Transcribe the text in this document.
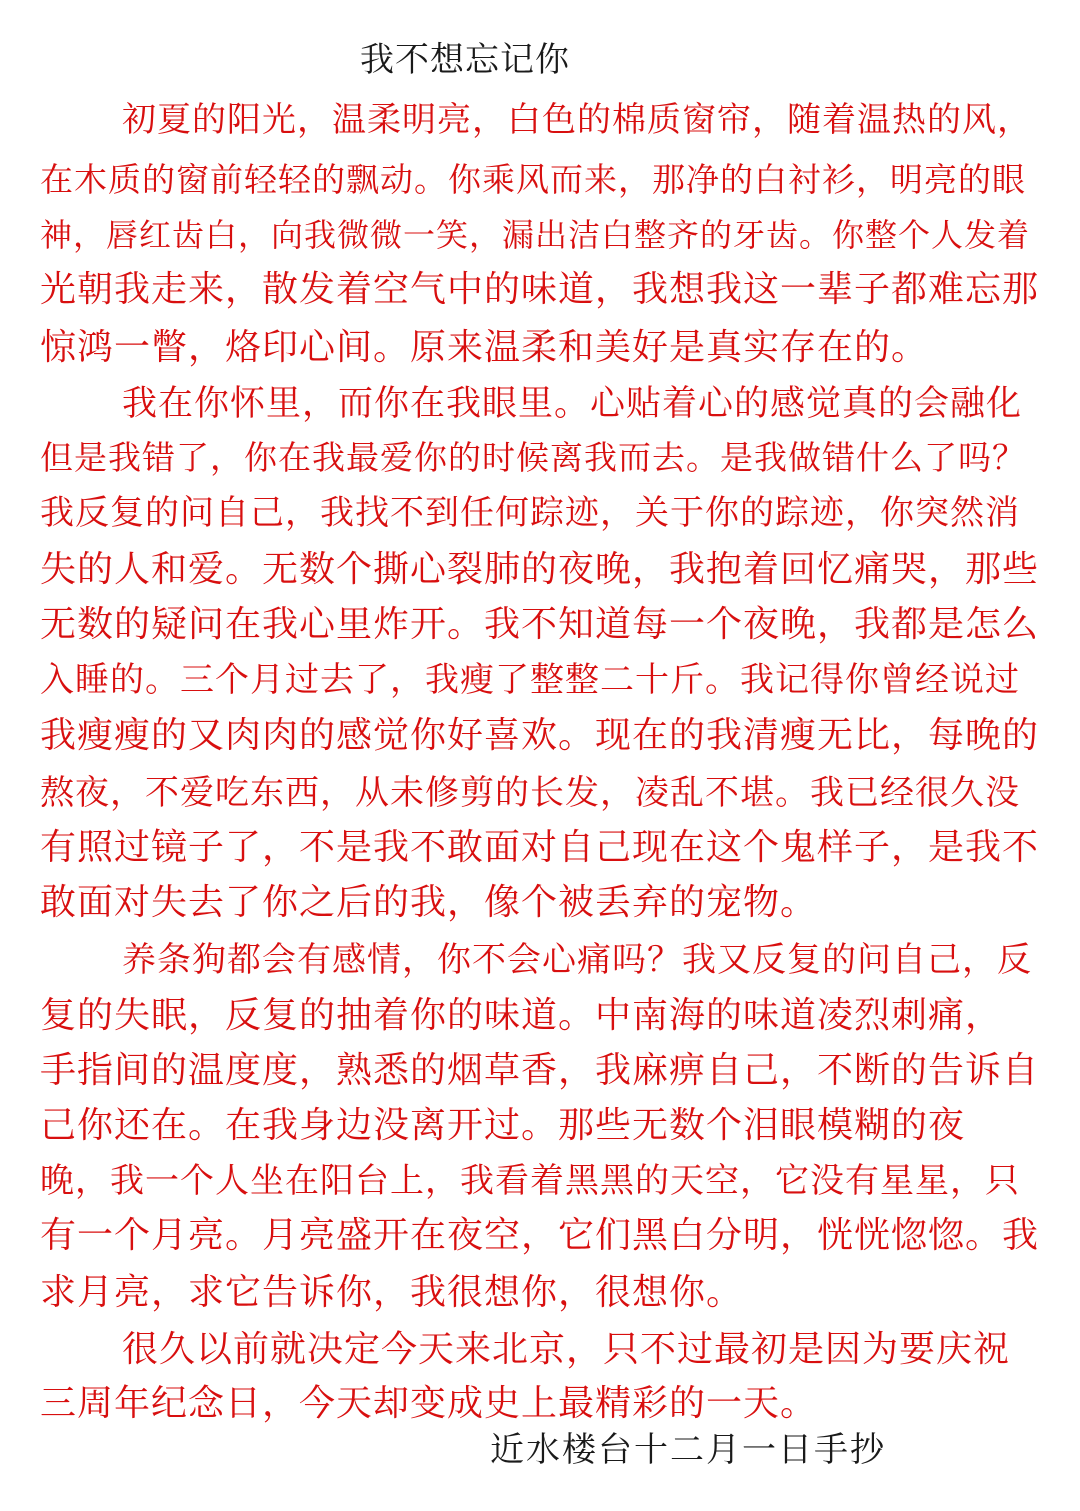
我不想忘记你
初夏的阳光，温柔明亮，白色的棉质窗帘，随着温热的风，
在木质的窗前轻轻的飘动。你乘风而来，那净的白衬衫，明亮的眼
神，唇红齿白，向我微微一笑，漏出洁白整齐的牙齿。你整个人发着
光朝我走来，散发着空气中的味道，我想我这一辈子都难忘那
惊鸿一瞥，烙印心间。原来温柔和美好是真实存在的。
我在你怀里，而你在我眼里。心贴着心的感觉真的会融化
但是我错了，你在我最爱你的时候离我而去。是我做错什么了吗？
我反复的问自己，我找不到任何踪迹，关于你的踪迹，你突然消
失的人和爱。无数个撕心裂肺的夜晚，我抱着回忆痛哭，那些
无数的疑问在我心里炸开。我不知道每一个夜晚，我都是怎么
入睡的。三个月过去了，我瘦了整整二十斤。我记得你曾经说过
我瘦瘦的又肉肉的感觉你好喜欢。现在的我清瘦无比，每晚的
熬夜，不爱吃东西，从未修剪的长发，凌乱不堪。我已经很久没
有照过镜子了，不是我不敢面对自己现在这个鬼样子，是我不
敢面对失去了你之后的我，像个被丢弃的宠物。
养条狗都会有感情，你不会心痛吗？我又反复的问自己，反
复的失眠，反复的抽着你的味道。中南海的味道凌烈刺痛，
手指间的温度度，熟悉的烟草香，我麻痹自己，不断的告诉自
己你还在。在我身边没离开过。那些无数个泪眼模糊的夜
晚，我一个人坐在阳台上，我看着黑黑的天空，它没有星星，只
有一个月亮。月亮盛开在夜空，它们黑白分明，恍恍惚惚。我
求月亮，求它告诉你，我很想你，很想你。
很久以前就决定今天来北京，只不过最初是因为要庆祝
三周年纪念日，今天却变成史上最精彩的一天。
近水楼台十二月一日手抄
